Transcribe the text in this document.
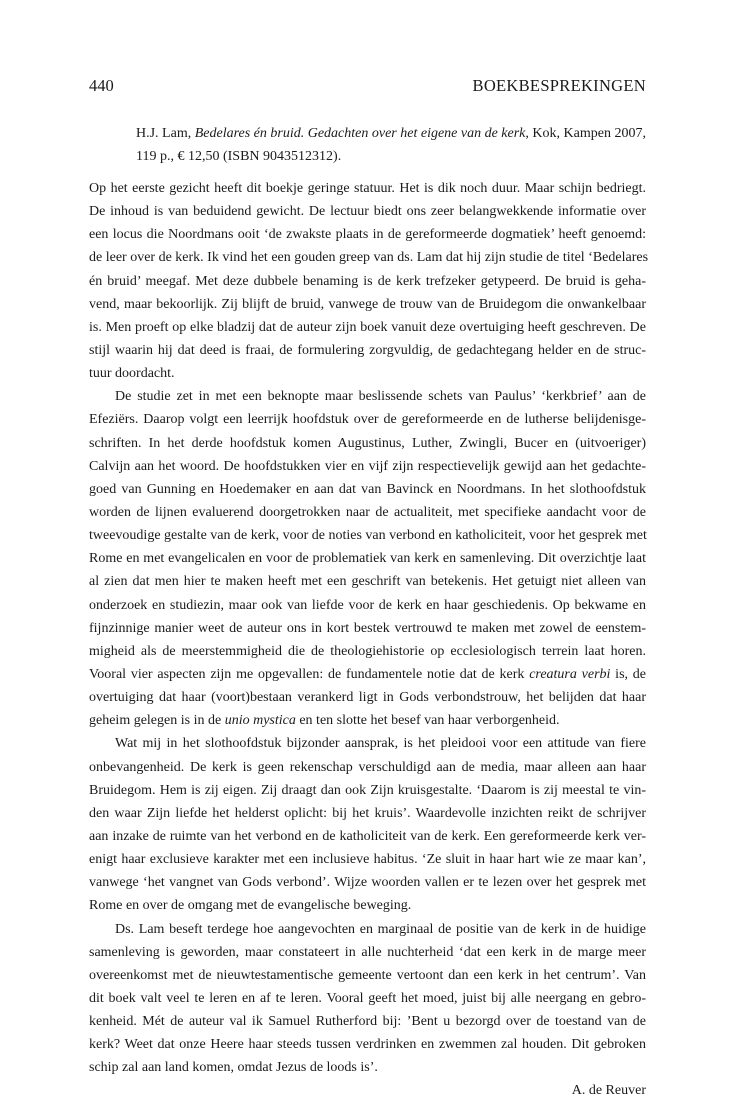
440	BOEKBESPREKINGEN
H.J. Lam, Bedelares én bruid. Gedachten over het eigene van de kerk, Kok, Kampen 2007,
119 p., € 12,50 (ISBN 9043512312).
Op het eerste gezicht heeft dit boekje geringe statuur. Het is dik noch duur. Maar schijn bedriegt.
De inhoud is van beduidend gewicht. De lectuur biedt ons zeer belangwekkende informatie over
een locus die Noordmans ooit ‘de zwakste plaats in de gereformeerde dogmatiek’ heeft genoemd:
de leer over de kerk. Ik vind het een gouden greep van ds. Lam dat hij zijn studie de titel ‘Bedelares
én bruid’ meegaf. Met deze dubbele benaming is de kerk trefzeker getypeerd. De bruid is geha-
vend, maar bekoorlijk. Zij blijft de bruid, vanwege de trouw van de Bruidegom die onwankelbaar
is. Men proeft op elke bladzij dat de auteur zijn boek vanuit deze overtuiging heeft geschreven. De
stijl waarin hij dat deed is fraai, de formulering zorgvuldig, de gedachtegang helder en de struc-
tuur doordacht.
De studie zet in met een beknopte maar beslissende schets van Paulus’ ‘kerkbrief’ aan de
Efeziërs. Daarop volgt een leerrijk hoofdstuk over de gereformeerde en de lutherse belijdenisge-
schriften. In het derde hoofdstuk komen Augustinus, Luther, Zwingli, Bucer en (uitvoeriger)
Calvijn aan het woord. De hoofdstukken vier en vijf zijn respectievelijk gewijd aan het gedachte-
goed van Gunning en Hoedemaker en aan dat van Bavinck en Noordmans. In het slothoofdstuk
worden de lijnen evaluerend doorgetrokken naar de actualiteit, met specifieke aandacht voor de
tweevoudige gestalte van de kerk, voor de noties van verbond en katholiciteit, voor het gesprek met
Rome en met evangelicalen en voor de problematiek van kerk en samenleving. Dit overzichtje laat
al zien dat men hier te maken heeft met een geschrift van betekenis. Het getuigt niet alleen van
onderzoek en studiezin, maar ook van liefde voor de kerk en haar geschiedenis. Op bekwame en
fijnzinnige manier weet de auteur ons in kort bestek vertrouwd te maken met zowel de eenstem-
migheid als de meerstemmigheid die de theologiehistorie op ecclesiologisch terrein laat horen.
Vooral vier aspecten zijn me opgevallen: de fundamentele notie dat de kerk creatura verbi is, de
overtuiging dat haar (voort)bestaan verankerd ligt in Gods verbondstrouw, het belijden dat haar
geheim gelegen is in de unio mystica en ten slotte het besef van haar verborgenheid.
Wat mij in het slothoofdstuk bijzonder aansprak, is het pleidooi voor een attitude van fiere
onbevangenheid. De kerk is geen rekenschap verschuldigd aan de media, maar alleen aan haar
Bruidegom. Hem is zij eigen. Zij draagt dan ook Zijn kruisgestalte. ‘Daarom is zij meestal te vin-
den waar Zijn liefde het helderst oplicht: bij het kruis’. Waardevolle inzichten reikt de schrijver
aan inzake de ruimte van het verbond en de katholiciteit van de kerk. Een gereformeerde kerk ver-
enigt haar exclusieve karakter met een inclusieve habitus. ‘Ze sluit in haar hart wie ze maar kan’,
vanwege ‘het vangnet van Gods verbond’. Wijze woorden vallen er te lezen over het gesprek met
Rome en over de omgang met de evangelische beweging.
Ds. Lam beseft terdege hoe aangevochten en marginaal de positie van de kerk in de huidige
samenleving is geworden, maar constateert in alle nuchterheid ‘dat een kerk in de marge meer
overeenkomst met de nieuwtestamentische gemeente vertoont dan een kerk in het centrum’. Van
dit boek valt veel te leren en af te leren. Vooral geeft het moed, juist bij alle neergang en gebro-
kenheid. Mét de auteur val ik Samuel Rutherford bij: ’Bent u bezorgd over de toestand van de
kerk? Weet dat onze Heere haar steeds tussen verdrinken en zwemmen zal houden. Dit gebroken
schip zal aan land komen, omdat Jezus de loods is’.
A. de Reuver
